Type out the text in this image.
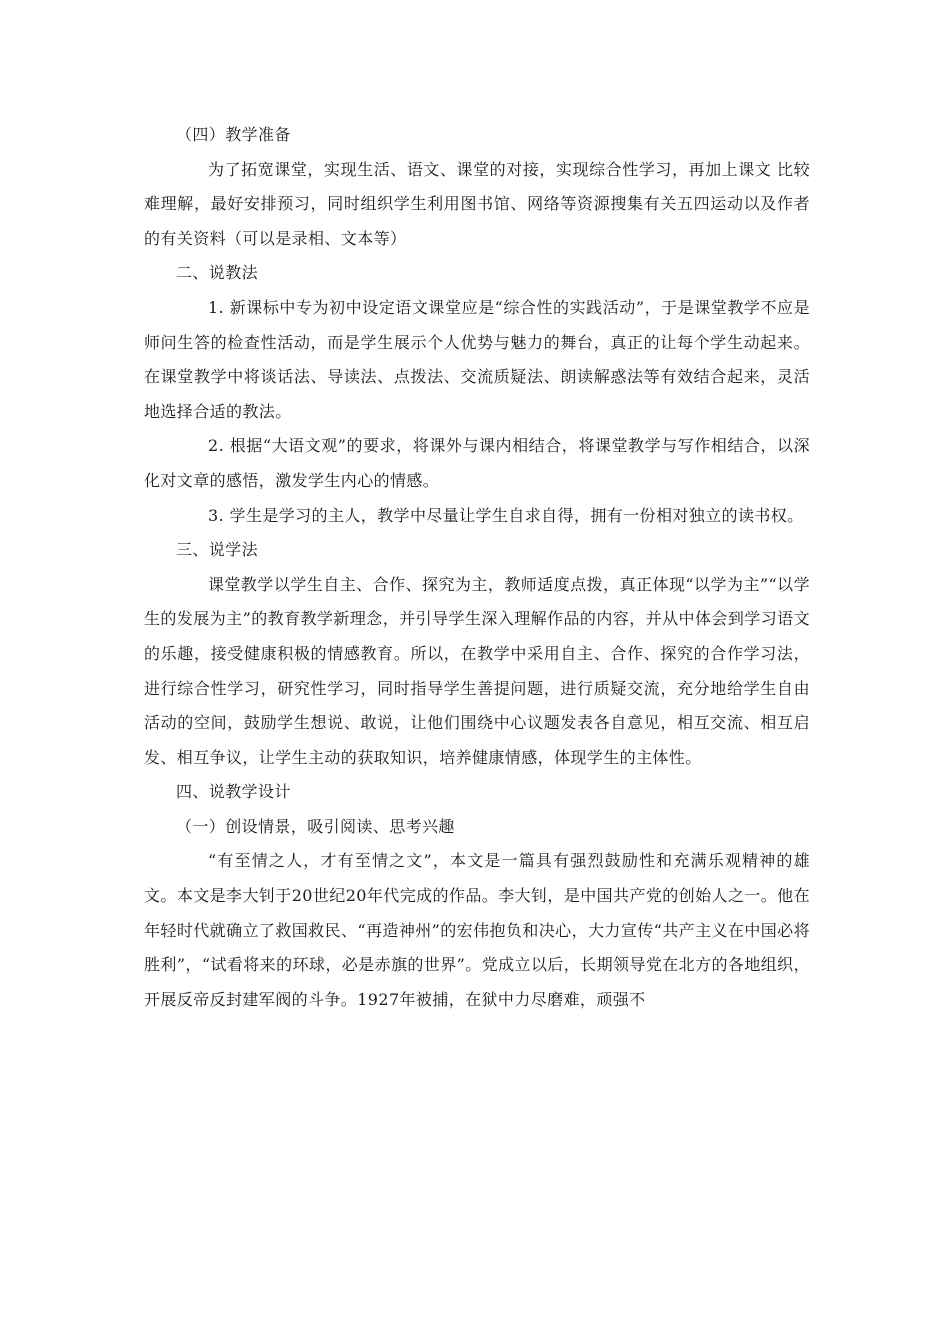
（四）教学准备

为了拓宽课堂，实现生活、语文、课堂的对接，实现综合性学习，再加上课文 比较难理解，最好安排预习，同时组织学生利用图书馆、网络等资源搜集有关五四运动以及作者的有关资料（可以是录相、文本等）

二、说教法

1. 新课标中专为初中设定语文课堂应是“综合性的实践活动”，于是课堂教学不应是师问生答的检查性活动，而是学生展示个人优势与魅力的舞台，真正的让每个学生动起来。在课堂教学中将谈话法、导读法、点拨法、交流质疑法、朗读解惑法等有效结合起来，灵活地选择合适的教法。

2. 根据“大语文观”的要求，将课外与课内相结合，将课堂教学与写作相结合，以深化对文章的感悟，激发学生内心的情感。

3. 学生是学习的主人，教学中尽量让学生自求自得，拥有一份相对独立的读书权。

三、说学法

课堂教学以学生自主、合作、探究为主，教师适度点拨，真正体现“以学为主”“以学生的发展为主”的教育教学新理念，并引导学生深入理解作品的内容，并从中体会到学习语文的乐趣，接受健康积极的情感教育。所以，在教学中采用自主、合作、探究的合作学习法，进行综合性学习，研究性学习，同时指导学生善提问题，进行质疑交流，充分地给学生自由活动的空间，鼓励学生想说、敢说，让他们围绕中心议题发表各自意见，相互交流、相互启发、相互争议，让学生主动的获取知识，培养健康情感，体现学生的主体性。

四、说教学设计

（一）创设情景，吸引阅读、思考兴趣

“有至情之人，才有至情之文”，本文是一篇具有强烈鼓励性和充满乐观精神的雄文。本文是李大钊于20世纪20年代完成的作品。李大钊，是中国共产党的创始人之一。他在年轻时代就确立了救国救民、“再造神州”的宏伟抱负和决心，大力宣传“共产主义在中国必将胜利”，“试看将来的环球，必是赤旗的世界”。党成立以后，长期领导党在北方的各地组织，开展反帝反封建军阀的斗争。1927年被捕，在狱中力尽磨难，顽强不
